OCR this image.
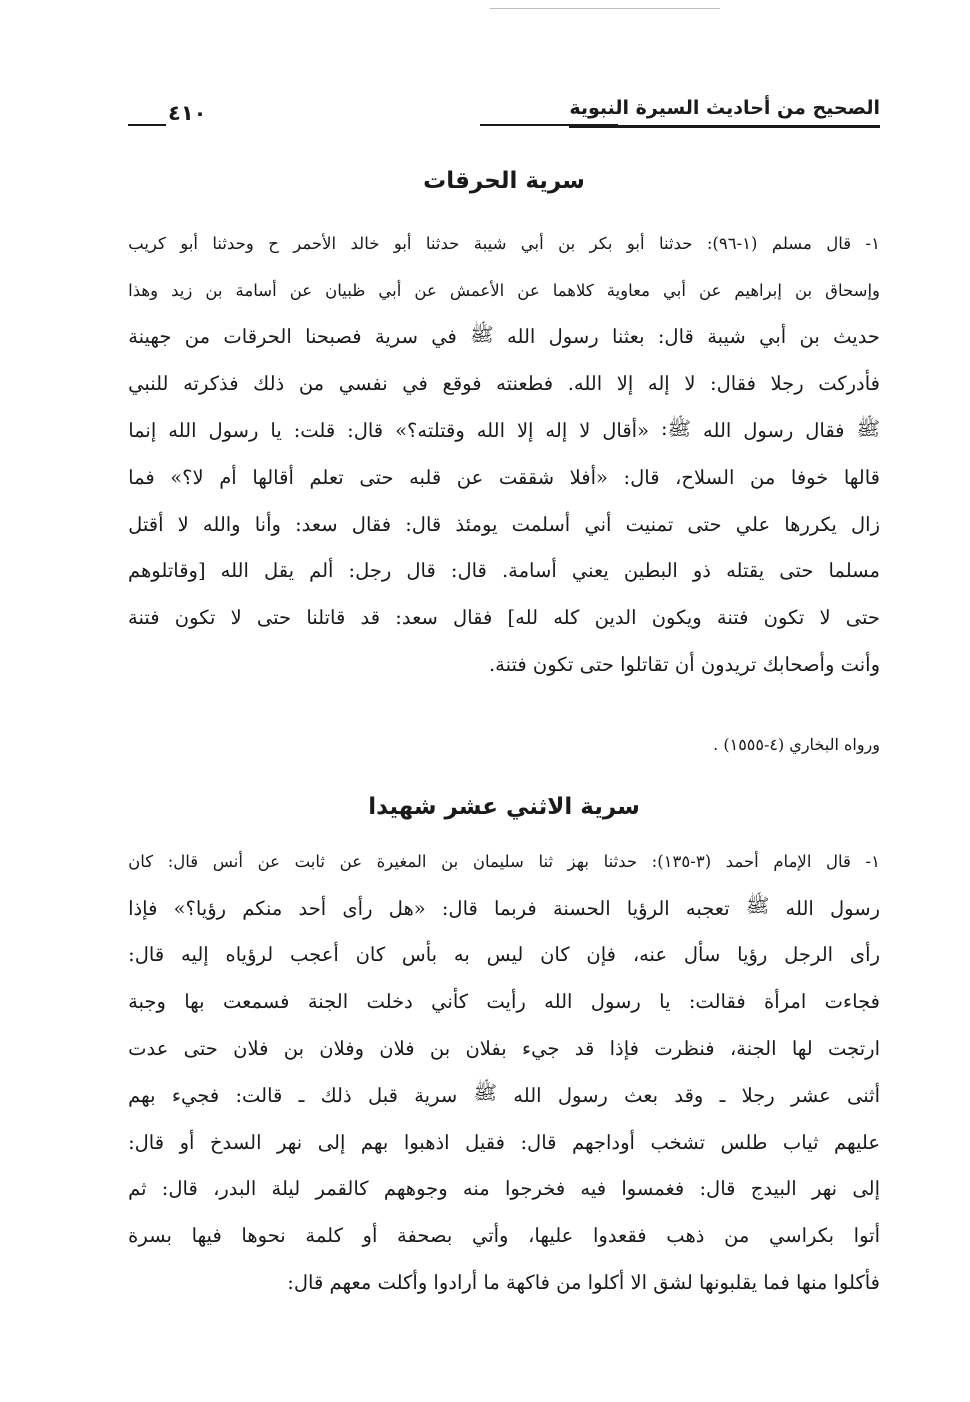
الصحيح من أحاديث السيرة النبوية
٤١٠
سرية الحرقات
١-
قال
مسلم
(١-٩٦):
حدثنا
أبو
بكر
بن
أبي
شيبة
حدثنا
أبو
خالد
الأحمر
ح
وحدثنا
أبو
كريب
وإسحاق
بن
إبراهيم
عن
أبي
معاوية
كلاهما
عن
الأعمش
عن
أبي
ظبيان
عن
أسامة
بن
زيد
وهذا
حديث
بن
أبي
شيبة
قال:
بعثنا
رسول
الله
ﷺ
في
سرية
فصبحنا
الحرقات
من
جهينة
فأدركت
رجلا
فقال:
لا
إله
إلا
الله.
فطعنته
فوقع
في
نفسي
من
ذلك
فذكرته
للنبي
ﷺ
فقال
رسول
الله
ﷺ:
«أقال
لا
إله
إلا
الله
وقتلته؟»
قال:
قلت:
يا
رسول
الله
إنما
قالها
خوفا
من
السلاح،
قال:
«أفلا
شققت
عن
قلبه
حتى
تعلم
أقالها
أم
لا؟»
فما
زال
يكررها
علي
حتى
تمنيت
أني
أسلمت
يومئذ
قال:
فقال
سعد:
وأنا
والله
لا
أقتل
مسلما
حتى
يقتله
ذو
البطين
يعني
أسامة.
قال:
قال
رجل:
ألم
يقل
الله
[وقاتلوهم
حتى
لا
تكون
فتنة
ويكون
الدين
كله
لله]
فقال
سعد:
قد
قاتلنا
حتى
لا
تكون
فتنة
وأنت وأصحابك تريدون أن تقاتلوا حتى تكون فتنة.
ورواه البخاري (٤-١٥٥٥) .
سرية الاثني عشر شهيدا
١-
قال
الإمام
أحمد
(٣-١٣٥):
حدثنا
بهز
ثنا
سليمان
بن
المغيرة
عن
ثابت
عن
أنس
قال:
كان
رسول
الله
ﷺ
تعجبه
الرؤيا
الحسنة
فربما
قال:
«هل
رأى
أحد
منكم
رؤيا؟»
فإذا
رأى
الرجل
رؤيا
سأل
عنه،
فإن
كان
ليس
به
بأس
كان
أعجب
لرؤياه
إليه
قال:
فجاءت
امرأة
فقالت:
يا
رسول
الله
رأيت
كأني
دخلت
الجنة
فسمعت
بها
وجبة
ارتجت
لها
الجنة،
فنظرت
فإذا
قد
جيء
بفلان
بن
فلان
وفلان
بن
فلان
حتى
عدت
أثنى
عشر
رجلا
ـ
وقد
بعث
رسول
الله
ﷺ
سرية
قبل
ذلك
ـ
قالت:
فجيء
بهم
عليهم
ثياب
طلس
تشخب
أوداجهم
قال:
فقيل
اذهبوا
بهم
إلى
نهر
السدخ
أو
قال:
إلى
نهر
البيدج
قال:
فغمسوا
فيه
فخرجوا
منه
وجوههم
كالقمر
ليلة
البدر،
قال:
ثم
أتوا
بكراسي
من
ذهب
فقعدوا
عليها،
وأتي
بصحفة
أو
كلمة
نحوها
فيها
بسرة
فأكلوا منها فما يقلبونها لشق الا أكلوا من فاكهة ما أرادوا وأكلت معهم قال:
